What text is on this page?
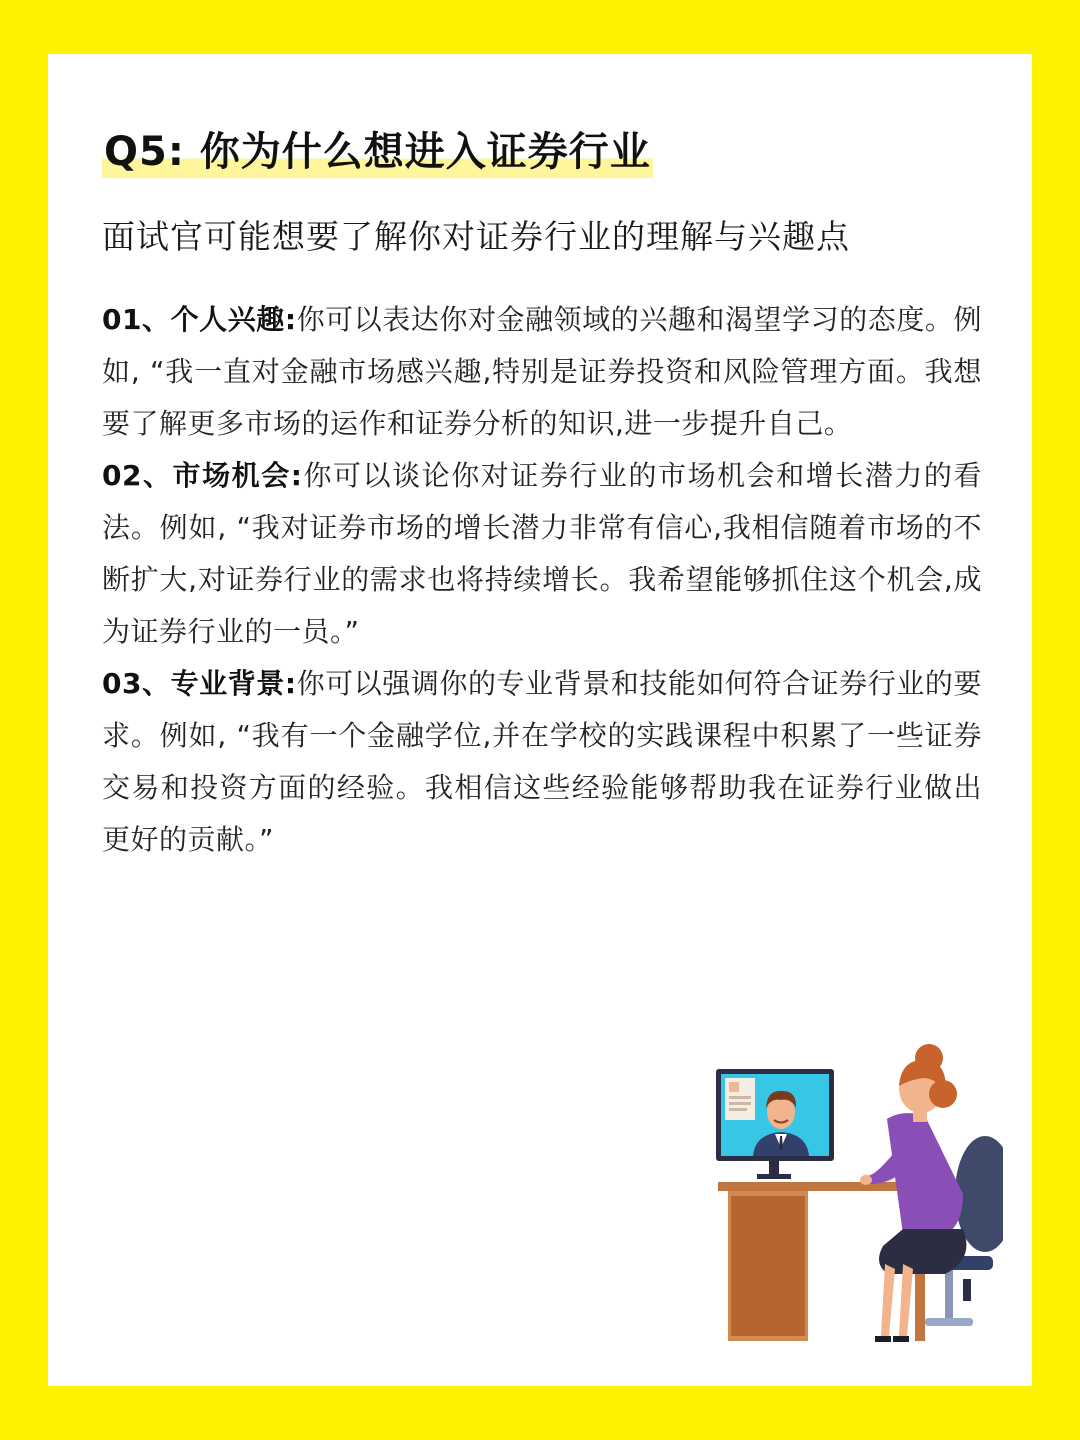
Q5: 你为什么想进入证券行业

面试官可能想要了解你对证券行业的理解与兴趣点

01、个人兴趣:你可以表达你对金融领域的兴趣和渴望学习的态度。例如, “我一直对金融市场感兴趣,特别是证券投资和风险管理方面。我想要了解更多市场的运作和证券分析的知识,进一步提升自己。

02、市场机会:你可以谈论你对证券行业的市场机会和增长潜力的看法。例如, “我对证券市场的增长潜力非常有信心,我相信随着市场的不断扩大,对证券行业的需求也将持续增长。我希望能够抓住这个机会,成为证券行业的一员。”

03、专业背景:你可以强调你的专业背景和技能如何符合证券行业的要求。例如, “我有一个金融学位,并在学校的实践课程中积累了一些证券交易和投资方面的经验。我相信这些经验能够帮助我在证券行业做出更好的贡献。”
